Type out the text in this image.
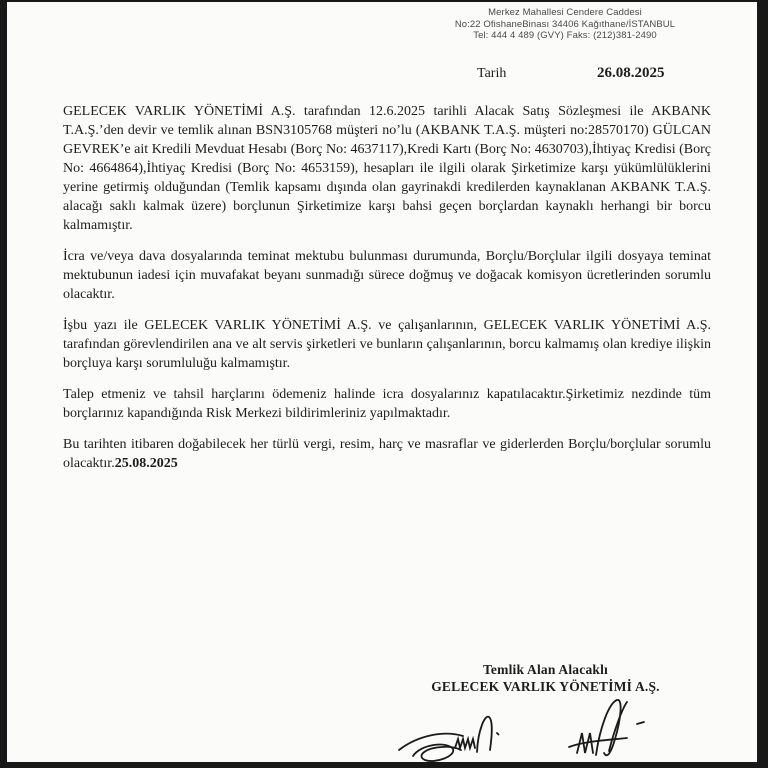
Merkez Mahallesi Cendere Caddesi
No:22 OfishaneBinası 34406 Kağıthane/İSTANBUL
Tel: 444 4 489 (GVY) Faks: (212)381-2490
Tarih	26.08.2025

GELECEK VARLIK YÖNETİMİ A.Ş. tarafından 12.6.2025 tarihli Alacak Satış Sözleşmesi ile AKBANK T.A.Ş.’den devir ve temlik alınan BSN3105768 müşteri no’lu (AKBANK T.A.Ş. müşteri no:28570170) GÜLCAN GEVREK’e ait Kredili Mevduat Hesabı (Borç No: 4637117),Kredi Kartı (Borç No: 4630703),İhtiyaç Kredisi (Borç No: 4664864),İhtiyaç Kredisi (Borç No: 4653159), hesapları ile ilgili olarak Şirketimize karşı yükümlülüklerini yerine getirmiş olduğundan (Temlik kapsamı dışında olan gayrinakdi kredilerden kaynaklanan AKBANK T.A.Ş. alacağı saklı kalmak üzere) borçlunun Şirketimize karşı bahsi geçen borçlardan kaynaklı herhangi bir borcu kalmamıştır.

İcra ve/veya dava dosyalarında teminat mektubu bulunması durumunda, Borçlu/Borçlular ilgili dosyaya teminat mektubunun iadesi için muvafakat beyanı sunmadığı sürece doğmuş ve doğacak komisyon ücretlerinden sorumlu olacaktır.

İşbu yazı ile GELECEK VARLIK YÖNETİMİ A.Ş. ve çalışanlarının, GELECEK VARLIK YÖNETİMİ A.Ş. tarafından görevlendirilen ana ve alt servis şirketleri ve bunların çalışanlarının, borcu kalmamış olan krediye ilişkin borçluya karşı sorumluluğu kalmamıştır.

Talep etmeniz ve tahsil harçlarını ödemeniz halinde icra dosyalarınız kapatılacaktır.Şirketimiz nezdinde tüm borçlarınız kapandığında Risk Merkezi bildirimleriniz yapılmaktadır.

Bu tarihten itibaren doğabilecek her türlü vergi, resim, harç ve masraflar ve giderlerden Borçlu/borçlular sorumlu olacaktır.25.08.2025

Temlik Alan Alacaklı
GELECEK VARLIK YÖNETİMİ A.Ş.
